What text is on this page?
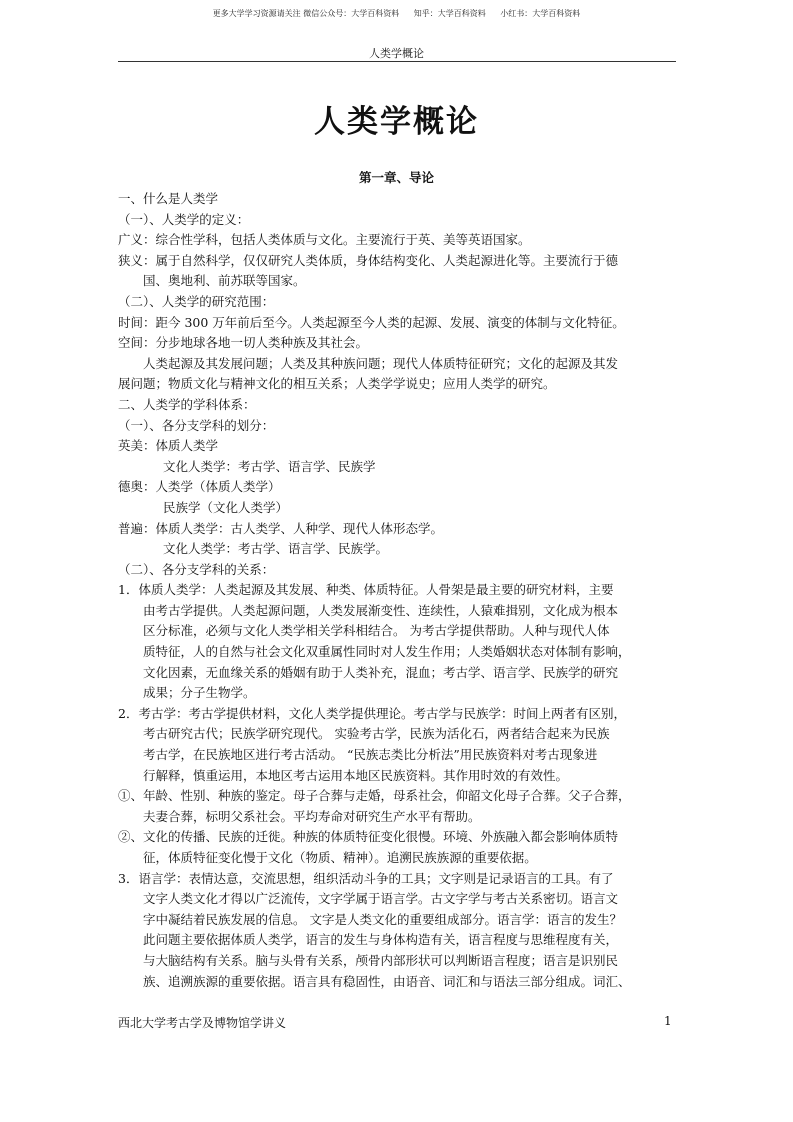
更多大学学习资源请关注 微信公众号：大学百科资料 知乎：大学百科资料 小红书：大学百科资料
人类学概论
人类学概论
第一章、导论

一、什么是人类学

（一）、人类学的定义：

广义：综合性学科，包括人类体质与文化。主要流行于英、美等英语国家。

狭义：属于自然科学，仅仅研究人类体质，身体结构变化、人类起源进化等。主要流行于德

国、奥地利、前苏联等国家。

（二）、人类学的研究范围：

时间：距今 300 万年前后至今。人类起源至今人类的起源、发展、演变的体制与文化特征。

空间：分步地球各地一切人类种族及其社会。

人类起源及其发展问题；人类及其种族问题；现代人体质特征研究；文化的起源及其发

展问题；物质文化与精神文化的相互关系；人类学学说史；应用人类学的研究。

二、人类学的学科体系：

（一）、各分支学科的划分：

英美：体质人类学

文化人类学：考古学、语言学、民族学

德奥：人类学（体质人类学）

民族学（文化人类学）

普遍：体质人类学：古人类学、人种学、现代人体形态学。

文化人类学：考古学、语言学、民族学。

（二）、各分支学科的关系：

1．体质人类学：人类起源及其发展、种类、体质特征。人骨架是最主要的研究材料，主要

由考古学提供。人类起源问题，人类发展渐变性、连续性，人猿难揖别，文化成为根本

区分标准，必须与文化人类学相关学科相结合。 为考古学提供帮助。人种与现代人体

质特征，人的自然与社会文化双重属性同时对人发生作用；人类婚姻状态对体制有影响，

文化因素，无血缘关系的婚姻有助于人类补充，混血；考古学、语言学、民族学的研究

成果；分子生物学。

2．考古学：考古学提供材料，文化人类学提供理论。考古学与民族学：时间上两者有区别，

考古研究古代；民族学研究现代。 实验考古学，民族为活化石，两者结合起来为民族

考古学，在民族地区进行考古活动。 “民族志类比分析法”用民族资料对考古现象进

行解释，慎重运用，本地区考古运用本地区民族资料。其作用时效的有效性。

①、年龄、性别、种族的鉴定。母子合葬与走婚，母系社会，仰韶文化母子合葬。父子合葬，

夫妻合葬，标明父系社会。平均寿命对研究生产水平有帮助。

②、文化的传播、民族的迁徙。种族的体质特征变化很慢。环境、外族融入都会影响体质特

征，体质特征变化慢于文化（物质、精神）。追溯民族族源的重要依据。

3．语言学：表情达意，交流思想，组织活动斗争的工具；文字则是记录语言的工具。有了

文字人类文化才得以广泛流传，文字学属于语言学。古文字学与考古关系密切。语言文

字中凝结着民族发展的信息。 文字是人类文化的重要组成部分。语言学：语言的发生？

此问题主要依据体质人类学，语言的发生与身体构造有关，语言程度与思维程度有关，

与大脑结构有关系。脑与头骨有关系，颅骨内部形状可以判断语言程度；语言是识别民

族、追溯族源的重要依据。语言具有稳固性，由语音、词汇和与语法三部分组成。词汇、

西北大学考古学及博物馆学讲义	1
